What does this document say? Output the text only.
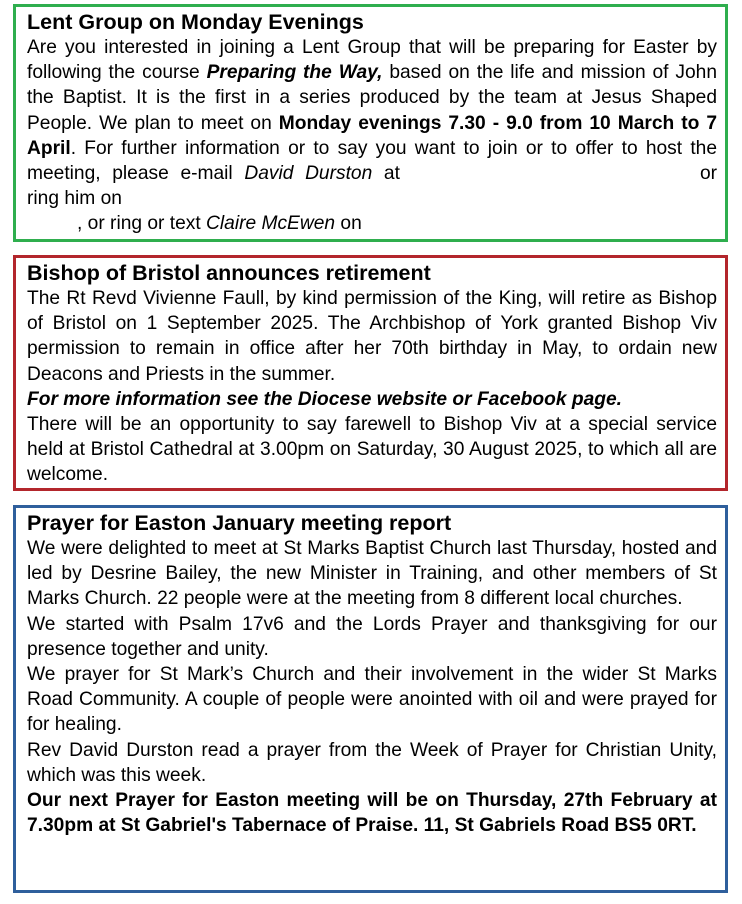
Lent Group on Monday Evenings

Are you interested in joining a Lent Group that will be preparing for Easter by following the course Preparing the Way, based on the life and mission of John the Baptist. It is the first in a series produced by the team at Jesus Shaped People. We plan to meet on Monday evenings 7.30 - 9.0 from 10 March to 7 April. For further information or to say you want to join or to offer to host the meeting, please e-mail David Durston at	or ring him on

, or ring or text Claire McEwen on

Bishop of Bristol announces retirement

The Rt Revd Vivienne Faull, by kind permission of the King, will retire as Bishop of Bristol on 1 September 2025. The Archbishop of York granted Bishop Viv permission to remain in office after her 70th birthday in May, to ordain new Deacons and Priests in the summer.

For more information see the Diocese website or Facebook page.

There will be an opportunity to say farewell to Bishop Viv at a special service held at Bristol Cathedral at 3.00pm on Saturday, 30 August 2025, to which all are welcome.

Prayer for Easton January meeting report

We were delighted to meet at St Marks Baptist Church last Thursday, hosted and led by Desrine Bailey, the new Minister in Training, and other members of St Marks Church. 22 people were at the meeting from 8 different local churches.

We started with Psalm 17v6 and the Lords Prayer and thanksgiving for our presence together and unity.

We prayer for St Mark’s Church and their involvement in the wider St Marks Road Community. A couple of people were anointed with oil and were prayed for for healing.

Rev David Durston read a prayer from the Week of Prayer for Christian Unity, which was this week.

Our next Prayer for Easton meeting will be on Thursday, 27th February at 7.30pm at St Gabriel's Tabernace of Praise. 11, St Gabriels Road BS5 0RT.
